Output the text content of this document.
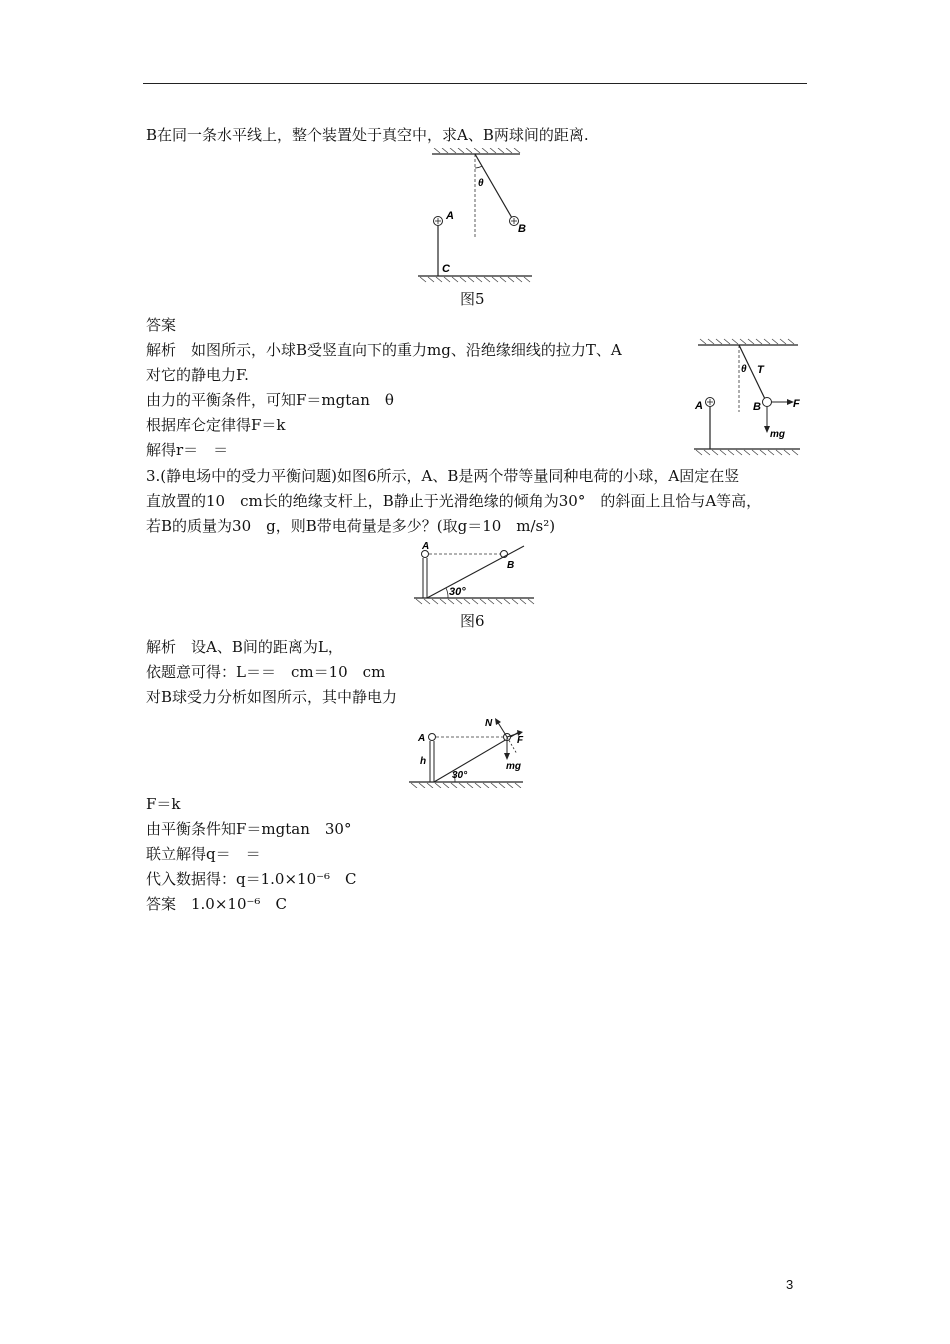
B在同一条水平线上，整个装置处于真空中，求A、B两球间的距离.
θ
A
B
C
图5
答案
解析　如图所示，小球B受竖直向下的重力mg、沿绝缘细线的拉力T、A
对它的静电力F.
由力的平衡条件，可知F＝mgtan　θ
根据库仑定律得F＝k
解得r＝　＝
θ T
A	B	F
mg
3.(静电场中的受力平衡问题)如图6所示，A、B是两个带等量同种电荷的小球，A固定在竖
直放置的10　cm长的绝缘支杆上，B静止于光滑绝缘的倾角为30°　的斜面上且恰与A等高，
若B的质量为30　g，则B带电荷量是多少？(取g＝10　m/s²)
A
B
30°
图6
解析　设A、B间的距离为L，
依题意可得：L＝＝　cm＝10　cm
对B球受力分析如图所示，其中静电力
N
A	F
h	mg
30°
F＝k
由平衡条件知F＝mgtan　30°
联立解得q＝　＝
代入数据得：q＝1.0×10⁻⁶　C
答案　1.0×10⁻⁶　C
3
